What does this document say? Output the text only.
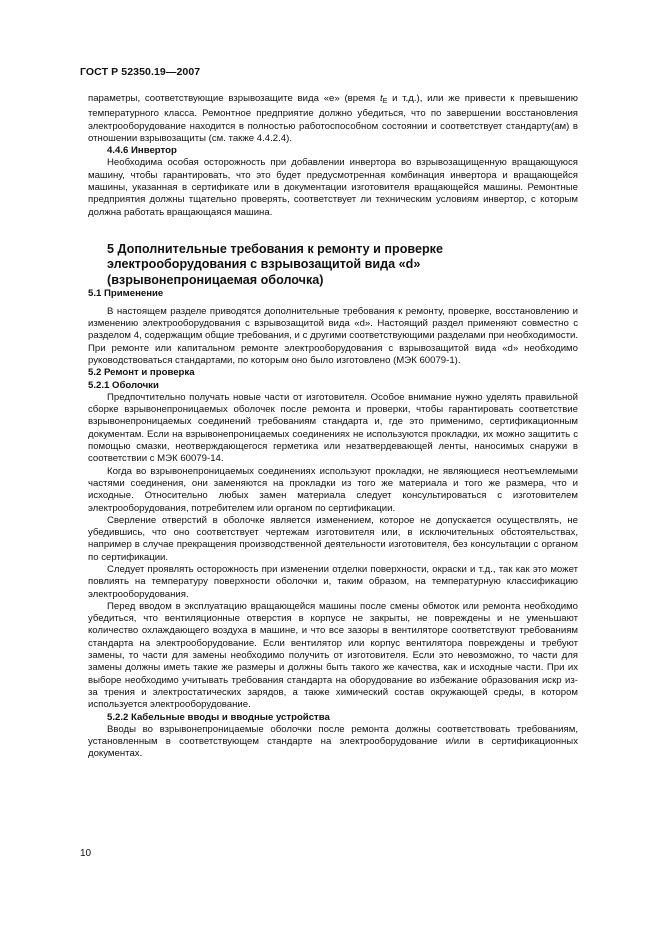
ГОСТ Р 52350.19—2007

параметры, соответствующие взрывозащите вида «е» (время $t_E$ и т.д.), или же привести к превышению температурного класса. Ремонтное предприятие должно убедиться, что по завершении восстановления электрооборудование находится в полностью работоспособном состоянии и соответствует стандарту(ам) в отношении взрывозащиты (см. также 4.4.2.4).

4.4.6 Инвертор

Необходима особая осторожность при добавлении инвертора во взрывозащищенную вращающуюся машину, чтобы гарантировать, что это будет предусмотренная комбинация инвертора и вращающейся машины, указанная в сертификате или в документации изготовителя вращающейся машины. Ремонтные предприятия должны тщательно проверять, соответствует ли техническим условиям инвертор, с которым должна работать вращающаяся машина.

5 Дополнительные требования к ремонту и проверке
электрооборудования с взрывозащитой вида «d»
(взрывонепроницаемая оболочка)

5.1 Применение

В настоящем разделе приводятся дополнительные требования к ремонту, проверке, восстановлению и изменению электрооборудования с взрывозащитой вида «d». Настоящий раздел применяют совместно с разделом 4, содержащим общие требования, и с другими соответствующими разделами при необходимости. При ремонте или капитальном ремонте электрооборудования с взрывозащитой вида «d» необходимо руководствоваться стандартами, по которым оно было изготовлено (МЭК 60079-1).

5.2 Ремонт и проверка

5.2.1 Оболочки

Предпочтительно получать новые части от изготовителя. Особое внимание нужно уделять правильной сборке взрывонепроницаемых оболочек после ремонта и проверки, чтобы гарантировать соответствие взрывонепроницаемых соединений требованиям стандарта и, где это применимо, сертификационным документам. Если на взрывонепроницаемых соединениях не используются прокладки, их можно защитить с помощью смазки, неотверждающегося герметика или незатвердевающей ленты, наносимых снаружи в соответствии с МЭК 60079-14.

Когда во взрывонепроницаемых соединениях используют прокладки, не являющиеся неотъемлемыми частями соединения, они заменяются на прокладки из того же материала и того же размера, что и исходные. Относительно любых замен материала следует консультироваться с изготовителем электрооборудования, потребителем или органом по сертификации.

Сверление отверстий в оболочке является изменением, которое не допускается осуществлять, не убедившись, что оно соответствует чертежам изготовителя или, в исключительных обстоятельствах, например в случае прекращения производственной деятельности изготовителя, без консультации с органом по сертификации.

Следует проявлять осторожность при изменении отделки поверхности, окраски и т.д., так как это может повлиять на температуру поверхности оболочки и, таким образом, на температурную классификацию электрооборудования.

Перед вводом в эксплуатацию вращающейся машины после смены обмоток или ремонта необходимо убедиться, что вентиляционные отверстия в корпусе не закрыты, не повреждены и не уменьшают количество охлаждающего воздуха в машине, и что все зазоры в вентиляторе соответствуют требованиям стандарта на электрооборудование. Если вентилятор или корпус вентилятора повреждены и требуют замены, то части для замены необходимо получить от изготовителя. Если это невозможно, то части для замены должны иметь такие же размеры и должны быть такого же качества, как и исходные части. При их выборе необходимо учитывать требования стандарта на оборудование во избежание образования искр из-за трения и электростатических зарядов, а также химический состав окружающей среды, в котором используется электрооборудование.

5.2.2 Кабельные вводы и вводные устройства

Вводы во взрывонепроницаемые оболочки после ремонта должны соответствовать требованиям, установленным в соответствующем стандарте на электрооборудование и/или в сертификационных документах.

10
